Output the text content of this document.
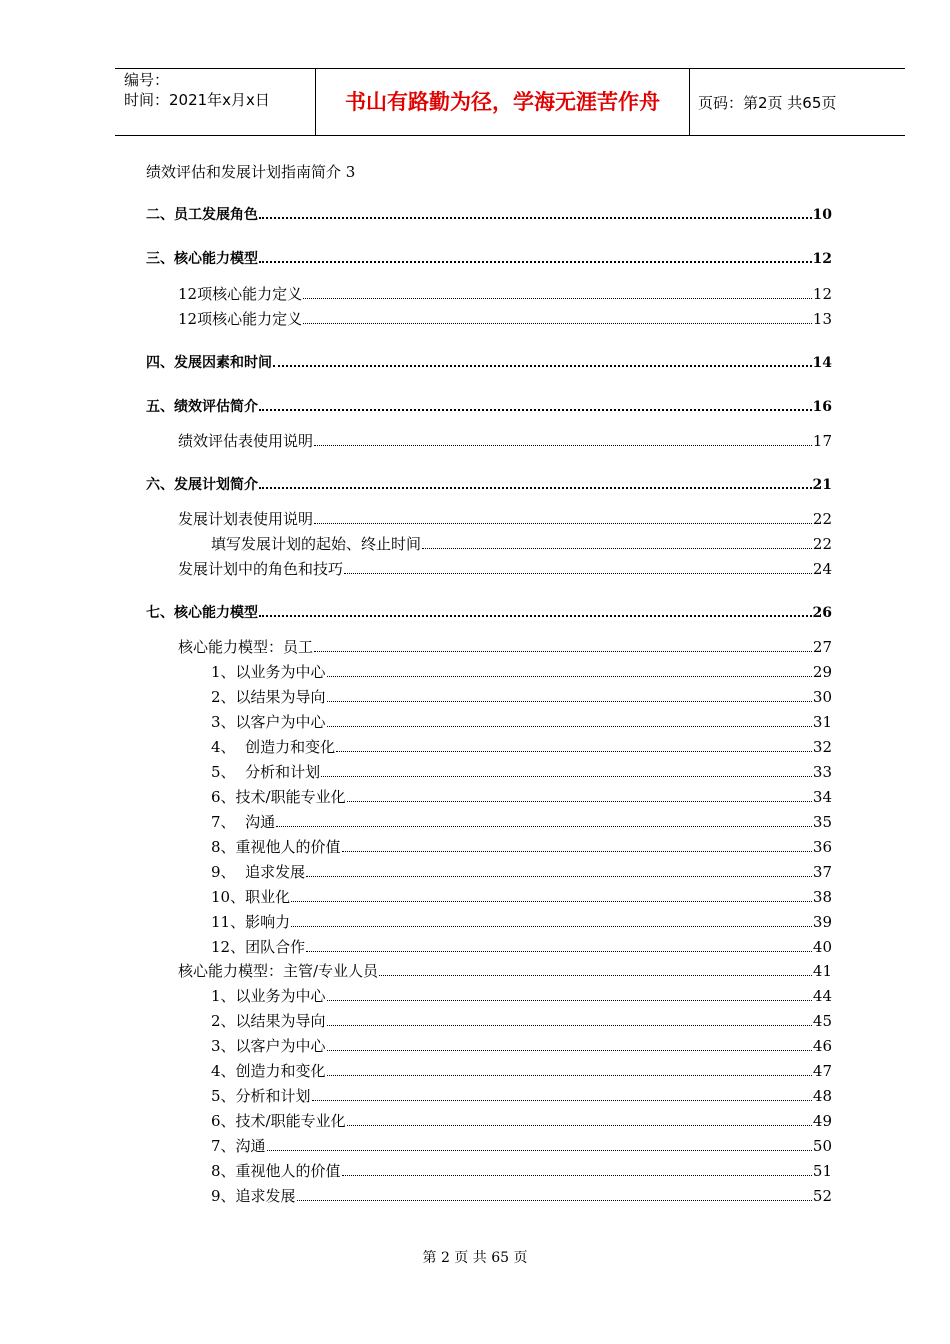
编号：
时间：2021年x月x日	书山有路勤为径，学海无涯苦作舟	页码：第2页 共65页
绩效评估和发展计划指南简介 3
二、员工发展角色	10
三、核心能力模型	12
12项核心能力定义	12
12项核心能力定义	13
四、发展因素和时间	14
五、绩效评估简介	16
绩效评估表使用说明	17
六、发展计划简介	21
发展计划表使用说明	22
填写发展计划的起始、终止时间	22
发展计划中的角色和技巧	24
七、核心能力模型	26
核心能力模型：员工	27
1、以业务为中心	29
2、以结果为导向	30
3、以客户为中心	31
4、  创造力和变化	32
5、  分析和计划	33
6、技术/职能专业化	34
7、  沟通	35
8、重视他人的价值	36
9、  追求发展	37
10、职业化	38
11、影响力	39
12、团队合作	40
核心能力模型：主管/专业人员	41
1、以业务为中心	44
2、以结果为导向	45
3、以客户为中心	46
4、创造力和变化	47
5、分析和计划	48
6、技术/职能专业化	49
7、沟通	50
8、重视他人的价值	51
9、追求发展	52
第 2 页 共 65 页
